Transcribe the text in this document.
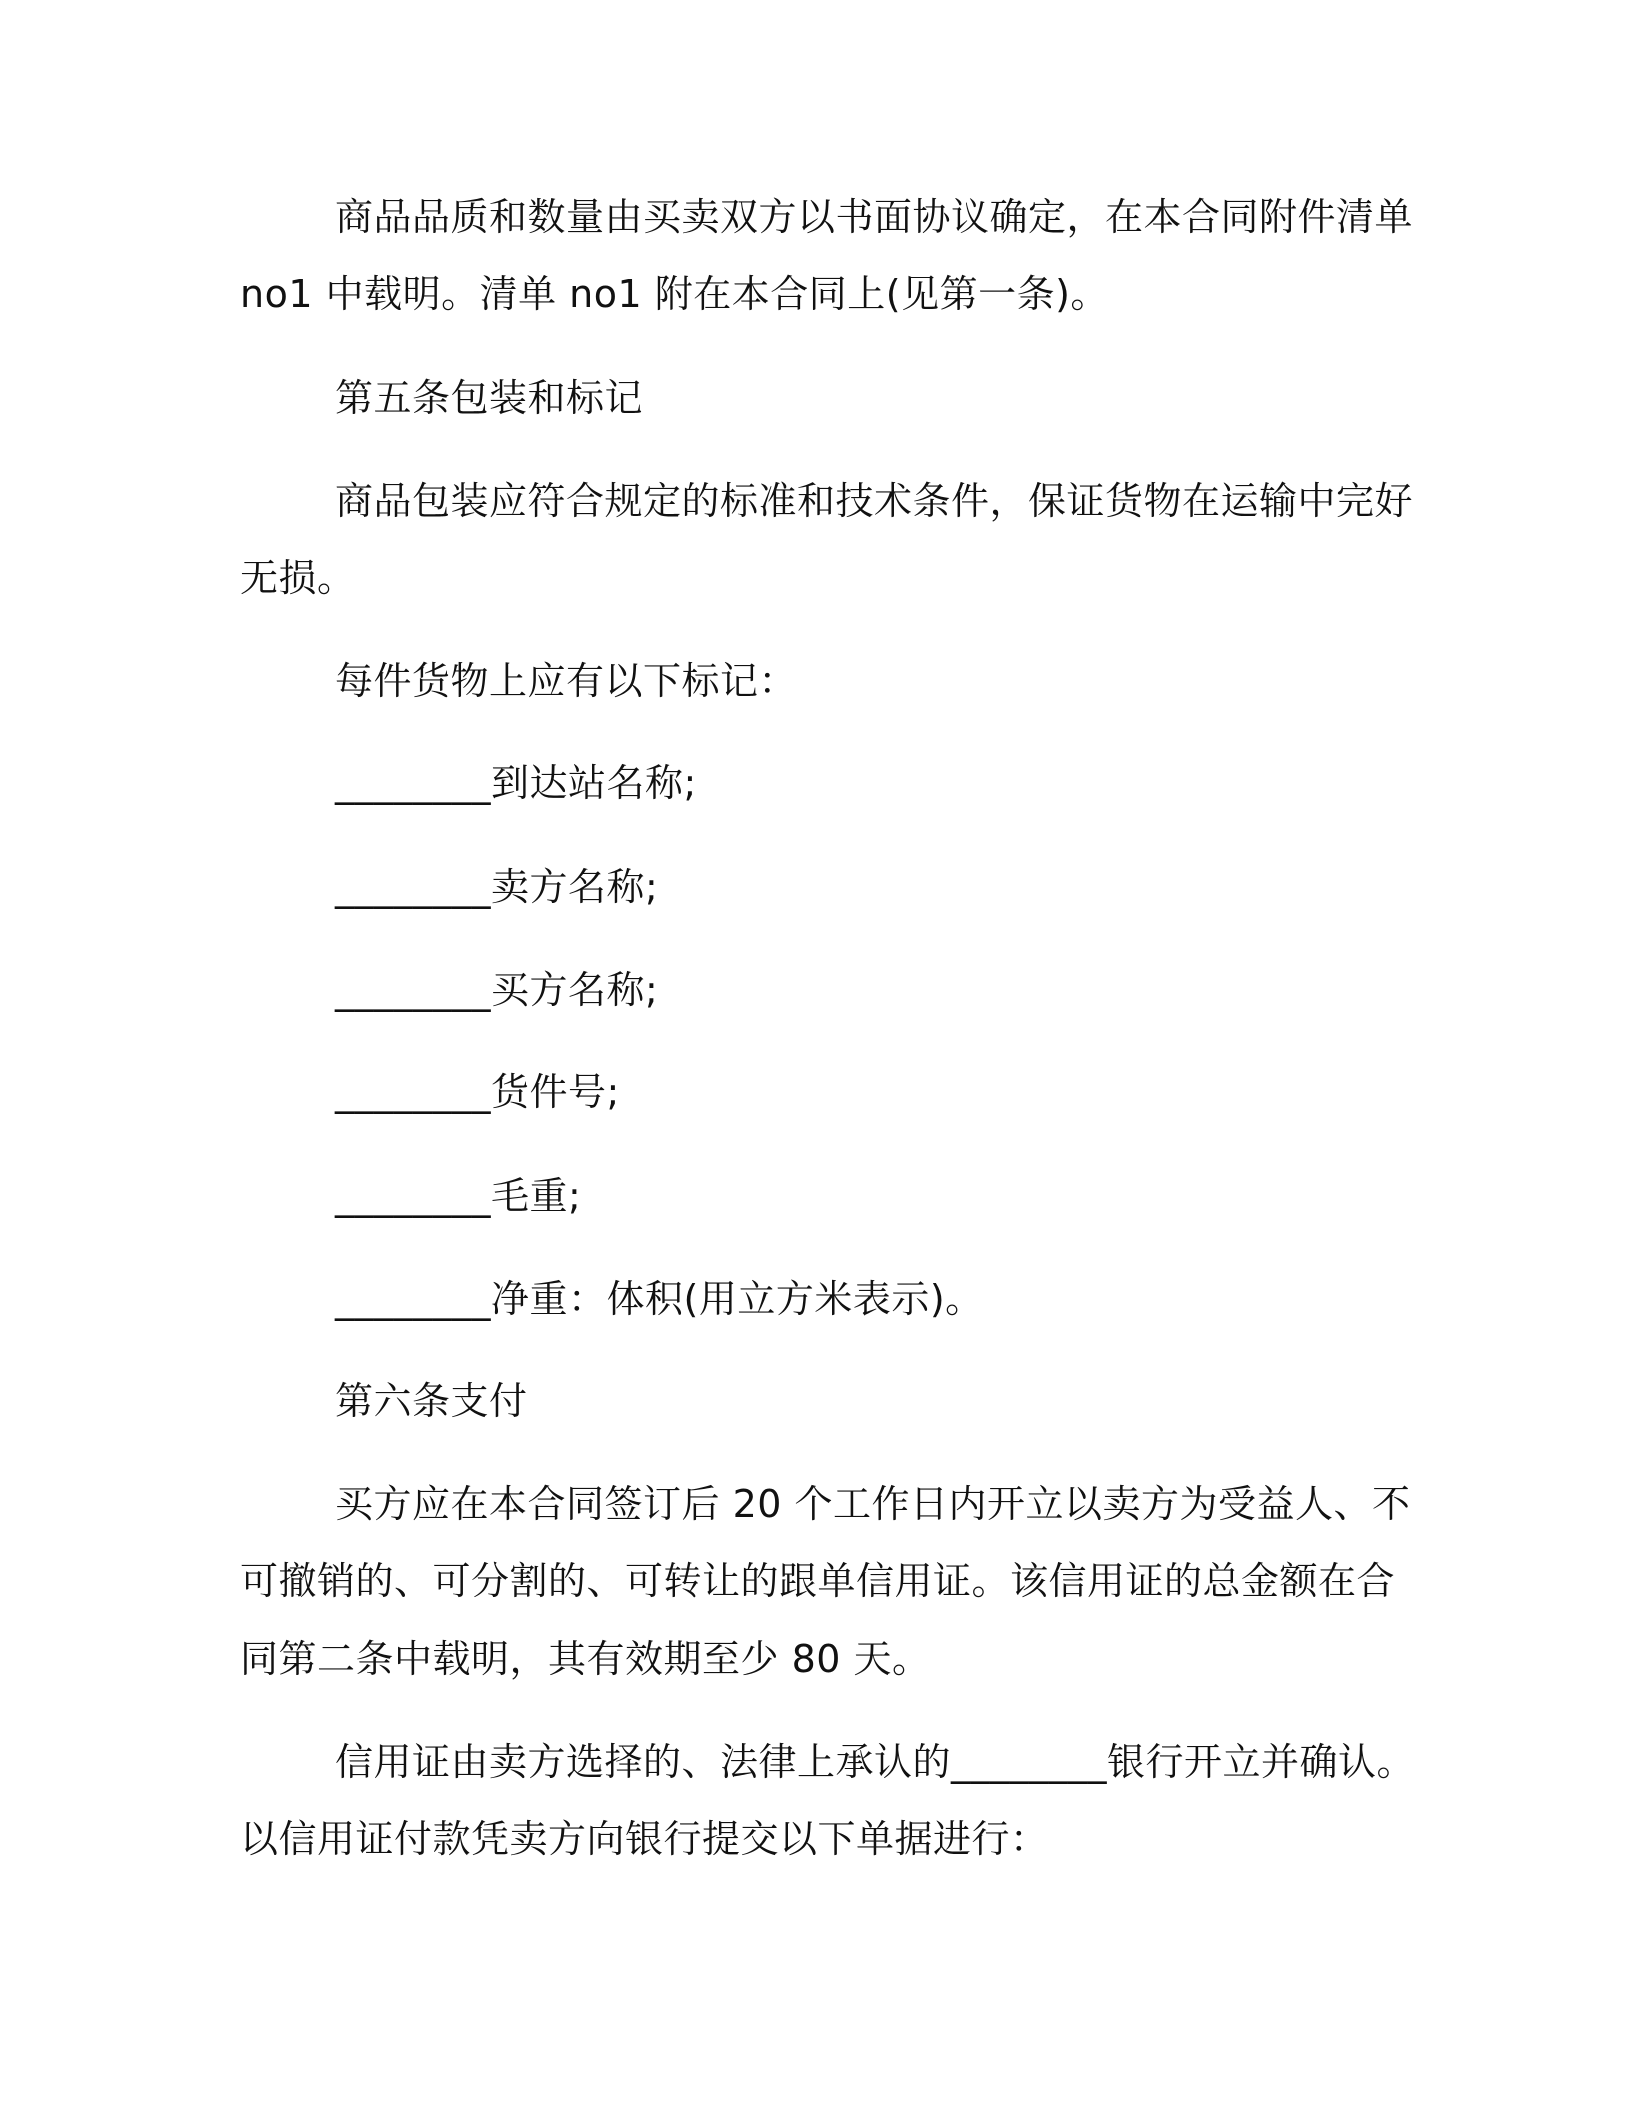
商品品质和数量由买卖双方以书面协议确定，在本合同附件清单
no1 中载明。清单 no1 附在本合同上(见第一条)。
第五条包装和标记
商品包装应符合规定的标准和技术条件，保证货物在运输中完好
无损。
每件货物上应有以下标记：
________到达站名称;
________卖方名称;
________买方名称;
________货件号;
________毛重;
________净重：体积(用立方米表示)。
第六条支付
买方应在本合同签订后 20 个工作日内开立以卖方为受益人、不
可撤销的、可分割的、可转让的跟单信用证。该信用证的总金额在合
同第二条中载明，其有效期至少 80 天。
信用证由卖方选择的、法律上承认的________银行开立并确认。
以信用证付款凭卖方向银行提交以下单据进行：
